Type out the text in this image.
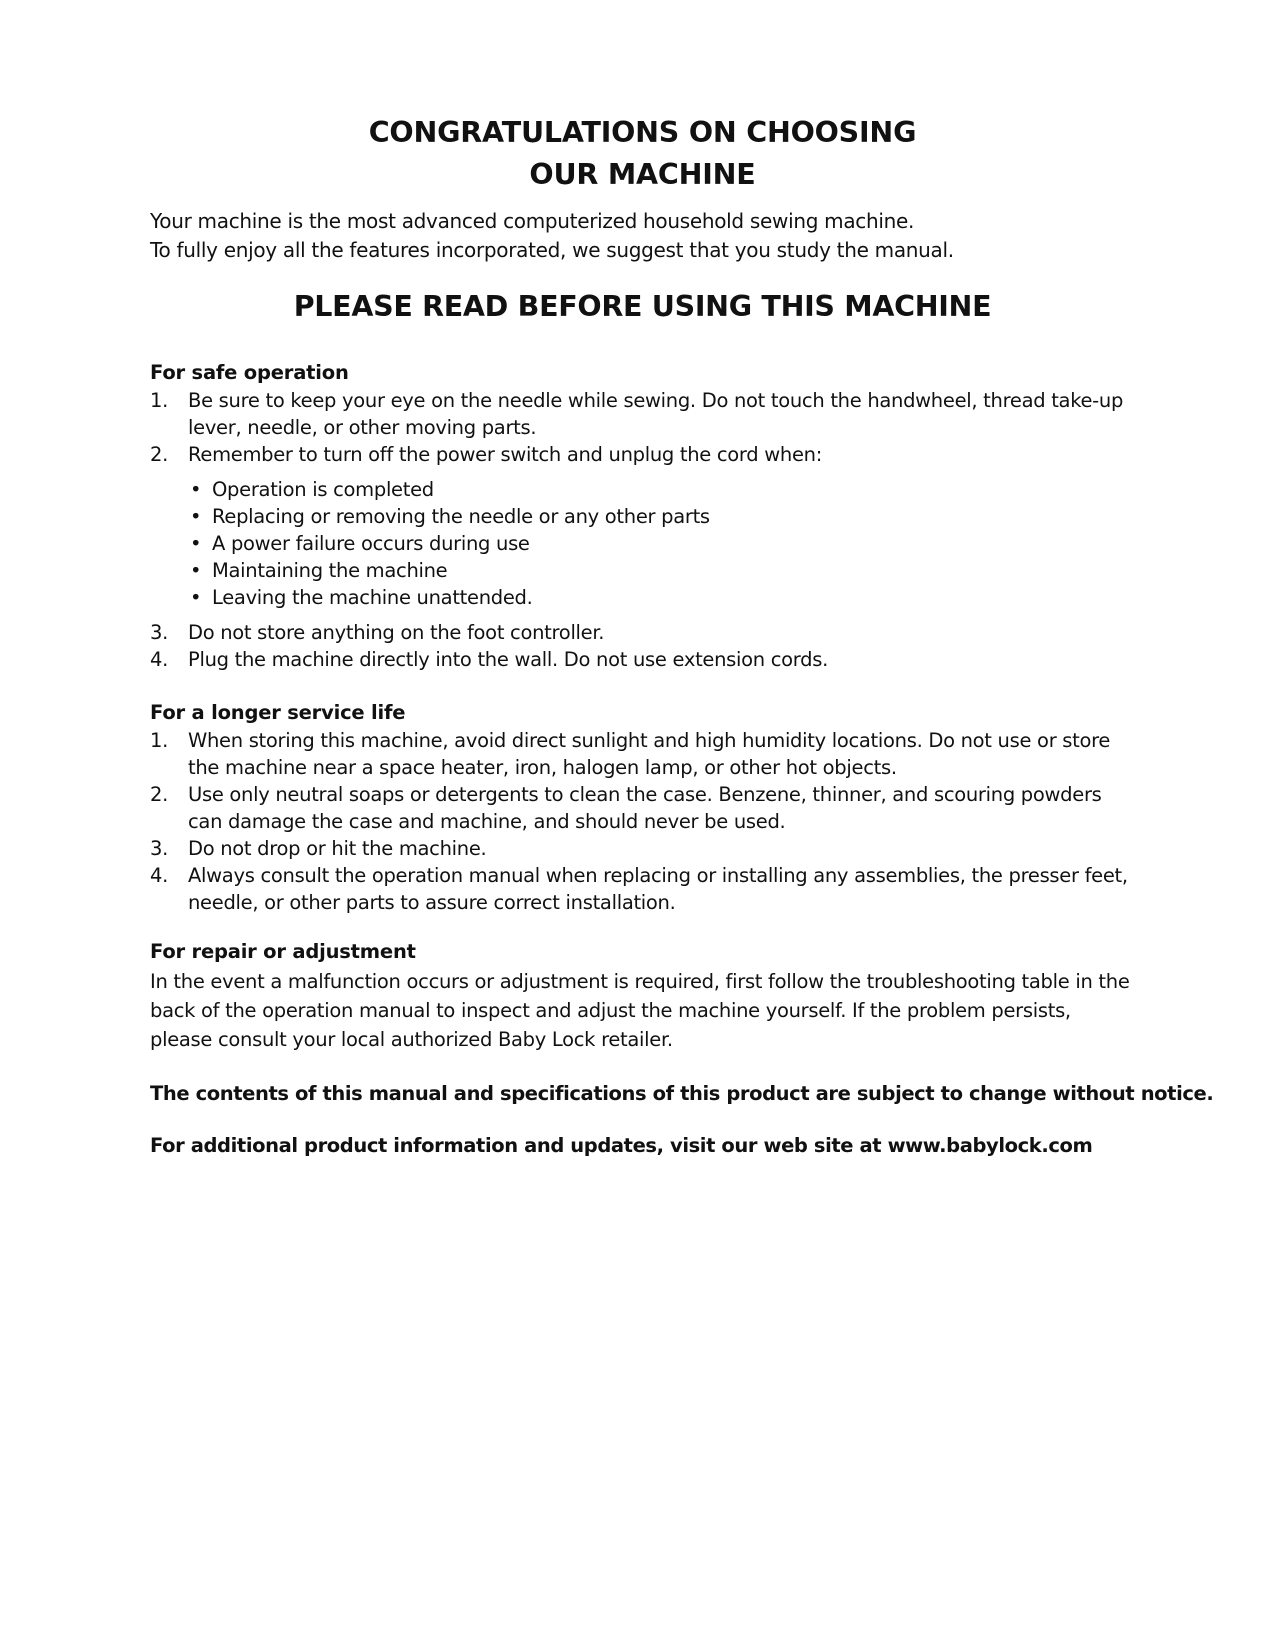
CONGRATULATIONS ON CHOOSING
OUR MACHINE

Your machine is the most advanced computerized household sewing machine.

To fully enjoy all the features incorporated, we suggest that you study the manual.

PLEASE READ BEFORE USING THIS MACHINE
For safe operation
1. Be sure to keep your eye on the needle while sewing. Do not touch the handwheel, thread take-up lever, needle, or other moving parts.
2. Remember to turn off the power switch and unplug the cord when:
• Operation is completed
• Replacing or removing the needle or any other parts
• A power failure occurs during use
• Maintaining the machine
• Leaving the machine unattended.
3. Do not store anything on the foot controller.
4. Plug the machine directly into the wall. Do not use extension cords.
For a longer service life
1. When storing this machine, avoid direct sunlight and high humidity locations. Do not use or store the machine near a space heater, iron, halogen lamp, or other hot objects.
2. Use only neutral soaps or detergents to clean the case. Benzene, thinner, and scouring powders can damage the case and machine, and should never be used.
3. Do not drop or hit the machine.
4. Always consult the operation manual when replacing or installing any assemblies, the presser feet, needle, or other parts to assure correct installation.
For repair or adjustment

In the event a malfunction occurs or adjustment is required, first follow the troubleshooting table in the back of the operation manual to inspect and adjust the machine yourself. If the problem persists, please consult your local authorized Baby Lock retailer.

The contents of this manual and specifications of this product are subject to change without notice.

For additional product information and updates, visit our web site at www.babylock.com
